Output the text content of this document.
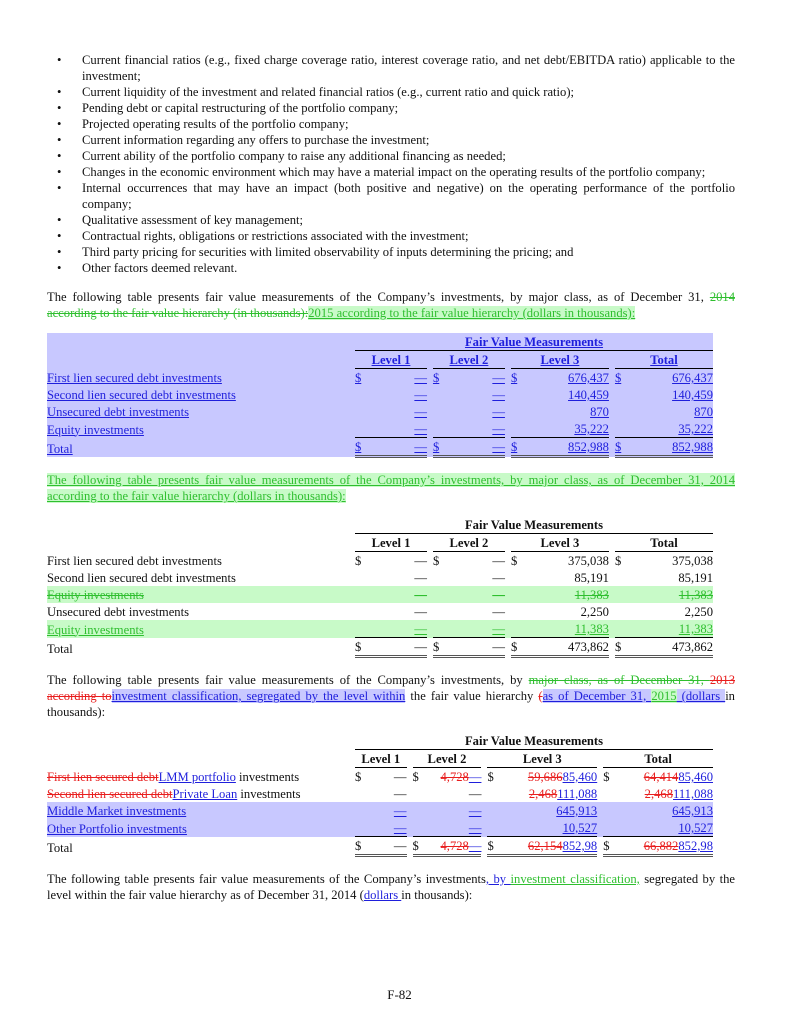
• Current financial ratios (e.g., fixed charge coverage ratio, interest coverage ratio, and net debt/EBITDA ratio) applicable to the investment;
• Current liquidity of the investment and related financial ratios (e.g., current ratio and quick ratio);
• Pending debt or capital restructuring of the portfolio company;
• Projected operating results of the portfolio company;
• Current information regarding any offers to purchase the investment;
• Current ability of the portfolio company to raise any additional financing as needed;
• Changes in the economic environment which may have a material impact on the operating results of the portfolio company;
• Internal occurrences that may have an impact (both positive and negative) on the operating performance of the portfolio company;
• Qualitative assessment of key management;
• Contractual rights, obligations or restrictions associated with the investment;
• Third party pricing for securities with limited observability of inputs determining the pricing; and
• Other factors deemed relevant.

The following table presents fair value measurements of the Company’s investments, by major class, as of December 31, 2014 according to the fair value hierarchy (in thousands):2015 according to the fair value hierarchy (dollars in thousands):

	Fair Value Measurements										
	Level 1			Level 2			Level 3			Total	
First lien secured debt investments	$	—		$	—		$	676,437		$	676,437
Second lien secured debt investments		—			—			140,459			140,459
Unsecured debt investments		—			—			870			870
Equity investments		—			—			35,222			35,222
Total	$	—		$	—		$	852,988		$	852,988

The following table presents fair value measurements of the Company’s investments, by major class, as of December 31, 2014 according to the fair value hierarchy (dollars in thousands):

	Fair Value Measurements										
	Level 1			Level 2			Level 3			Total	
First lien secured debt investments	$	—		$	—		$	375,038		$	375,038
Second lien secured debt investments		—			—			85,191			85,191
Equity investments		—			—			11,383			11,383
Unsecured debt investments		—			—			2,250			2,250
Equity investments		—			—			11,383			11,383
Total	$	—		$	—		$	473,862		$	473,862

The following table presents fair value measurements of the Company’s investments, by major class, as of December 31, 2013 according toinvestment classification, segregated by the level within the fair value hierarchy (as of December 31, 2015 (dollars in thousands):

	Fair Value Measurements										
	Level 1			Level 2			Level 3			Total	
First lien secured debtLMM portfolio investments	$	—		$	4,728—		$	59,68685,460		$	64,41485,460
Second lien secured debtPrivate Loan investments		—			—			2,468111,088			2,468111,088
Middle Market investments		—			—			645,913			645,913
Other Portfolio investments		—			—			10,527			10,527
Total	$	—		$	4,728—		$	62,154852,98		$	66,882852,98

The following table presents fair value measurements of the Company’s investments, by investment classification, segregated by the level within the fair value hierarchy as of December 31, 2014 (dollars in thousands):

F-82
